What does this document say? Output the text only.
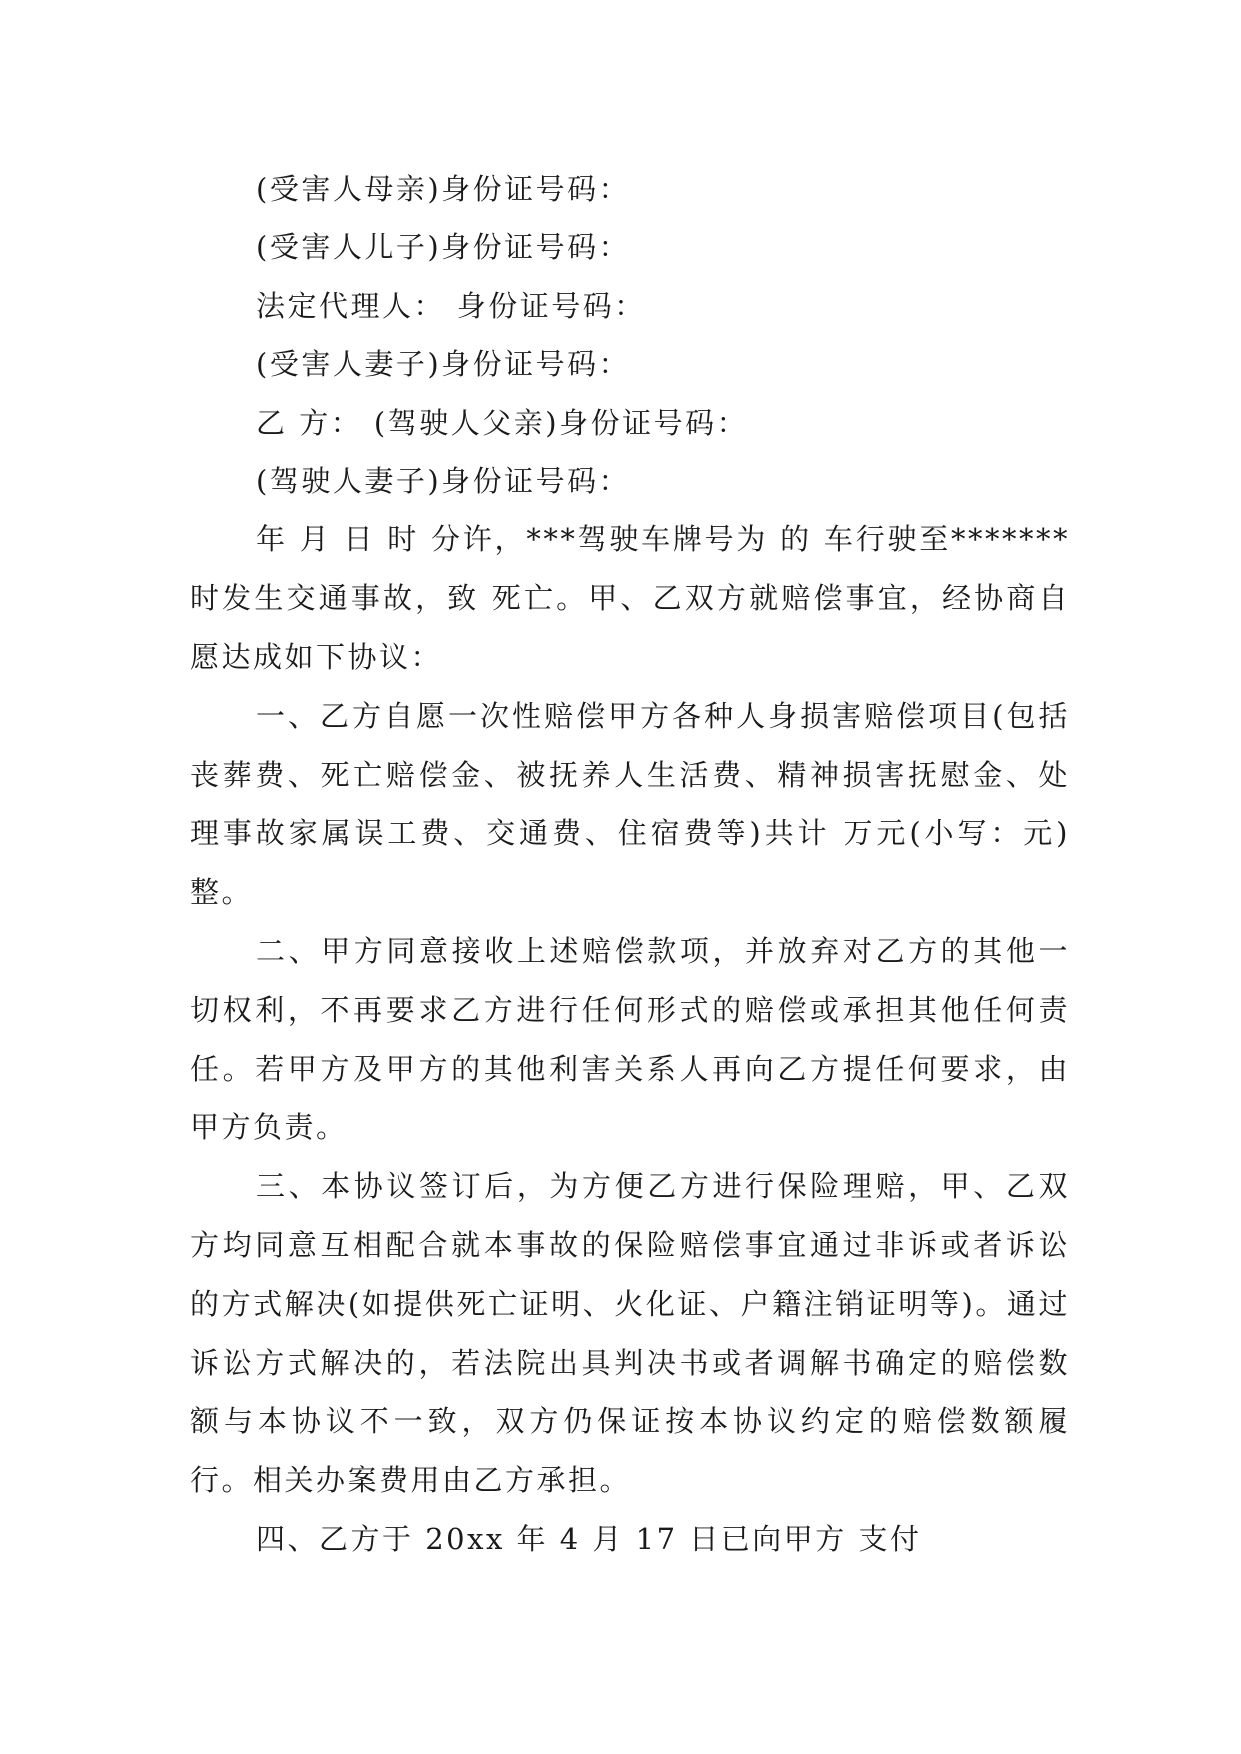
(受害人母亲)身份证号码：
(受害人儿子)身份证号码：
法定代理人： 身份证号码：
(受害人妻子)身份证号码：
乙 方： (驾驶人父亲)身份证号码：
(驾驶人妻子)身份证号码：

年 月 日 时 分许，***驾驶车牌号为 的 车行驶至*******时发生交通事故，致 死亡。甲、乙双方就赔偿事宜，经协商自愿达成如下协议：

一、乙方自愿一次性赔偿甲方各种人身损害赔偿项目(包括丧葬费、死亡赔偿金、被抚养人生活费、精神损害抚慰金、处理事故家属误工费、交通费、住宿费等)共计 万元(小写：元)整。

二、甲方同意接收上述赔偿款项，并放弃对乙方的其他一切权利，不再要求乙方进行任何形式的赔偿或承担其他任何责任。若甲方及甲方的其他利害关系人再向乙方提任何要求，由甲方负责。

三、本协议签订后，为方便乙方进行保险理赔，甲、乙双方均同意互相配合就本事故的保险赔偿事宜通过非诉或者诉讼的方式解决(如提供死亡证明、火化证、户籍注销证明等)。通过诉讼方式解决的，若法院出具判决书或者调解书确定的赔偿数额与本协议不一致，双方仍保证按本协议约定的赔偿数额履行。相关办案费用由乙方承担。

四、乙方于 20xx 年 4 月 17 日已向甲方 支付
